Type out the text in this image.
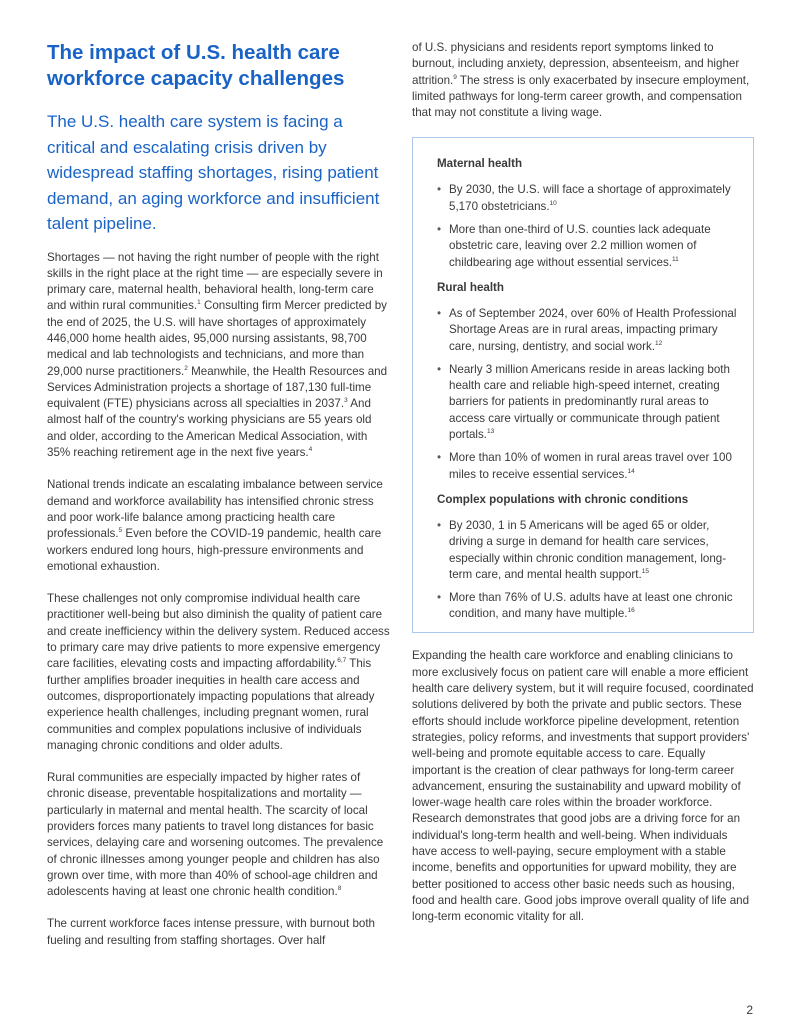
The impact of U.S. health care workforce capacity challenges

The U.S. health care system is facing a critical and escalating crisis driven by widespread staffing shortages, rising patient demand, an aging workforce and insufficient talent pipeline.

Shortages — not having the right number of people with the right skills in the right place at the right time — are especially severe in primary care, maternal health, behavioral health, long-term care and within rural communities.$^1$ Consulting firm Mercer predicted by the end of 2025, the U.S. will have shortages of approximately 446,000 home health aides, 95,000 nursing assistants, 98,700 medical and lab technologists and technicians, and more than 29,000 nurse practitioners.$^2$ Meanwhile, the Health Resources and Services Administration projects a shortage of 187,130 full-time equivalent (FTE) physicians across all specialties in 2037.$^3$ And almost half of the country's working physicians are 55 years old and older, according to the American Medical Association, with 35% reaching retirement age in the next five years.$^4$

National trends indicate an escalating imbalance between service demand and workforce availability has intensified chronic stress and poor work-life balance among practicing health care professionals.$^5$ Even before the COVID-19 pandemic, health care workers endured long hours, high-pressure environments and emotional exhaustion.

These challenges not only compromise individual health care practitioner well-being but also diminish the quality of patient care and create inefficiency within the delivery system. Reduced access to primary care may drive patients to more expensive emergency care facilities, elevating costs and impacting affordability.$^{6,7}$ This further amplifies broader inequities in health care access and outcomes, disproportionately impacting populations that already experience health challenges, including pregnant women, rural communities and complex populations inclusive of individuals managing chronic conditions and older adults.

Rural communities are especially impacted by higher rates of chronic disease, preventable hospitalizations and mortality — particularly in maternal and mental health. The scarcity of local providers forces many patients to travel long distances for basic services, delaying care and worsening outcomes. The prevalence of chronic illnesses among younger people and children has also grown over time, with more than 40% of school-age children and adolescents having at least one chronic health condition.$^8$

The current workforce faces intense pressure, with burnout both fueling and resulting from staffing shortages. Over half

of U.S. physicians and residents report symptoms linked to burnout, including anxiety, depression, absenteeism, and higher attrition.$^9$ The stress is only exacerbated by insecure employment, limited pathways for long-term career growth, and compensation that may not constitute a living wage.

Maternal health
• By 2030, the U.S. will face a shortage of approximately 5,170 obstetricians.$^{10}$
• More than one-third of U.S. counties lack adequate obstetric care, leaving over 2.2 million women of childbearing age without essential services.$^{11}$
Rural health
• As of September 2024, over 60% of Health Professional Shortage Areas are in rural areas, impacting primary care, nursing, dentistry, and social work.$^{12}$
• Nearly 3 million Americans reside in areas lacking both health care and reliable high-speed internet, creating barriers for patients in predominantly rural areas to access care virtually or communicate through patient portals.$^{13}$
• More than 10% of women in rural areas travel over 100 miles to receive essential services.$^{14}$
Complex populations with chronic conditions
• By 2030, 1 in 5 Americans will be aged 65 or older, driving a surge in demand for health care services, especially within chronic condition management, long-term care, and mental health support.$^{15}$
• More than 76% of U.S. adults have at least one chronic condition, and many have multiple.$^{16}$

Expanding the health care workforce and enabling clinicians to more exclusively focus on patient care will enable a more efficient health care delivery system, but it will require focused, coordinated solutions delivered by both the private and public sectors. These efforts should include workforce pipeline development, retention strategies, policy reforms, and investments that support providers' well-being and promote equitable access to care. Equally important is the creation of clear pathways for long-term career advancement, ensuring the sustainability and upward mobility of lower-wage health care roles within the broader workforce. Research demonstrates that good jobs are a driving force for an individual's long-term health and well-being. When individuals have access to well-paying, secure employment with a stable income, benefits and opportunities for upward mobility, they are better positioned to access other basic needs such as housing, food and health care. Good jobs improve overall quality of life and long-term economic vitality for all.

2
